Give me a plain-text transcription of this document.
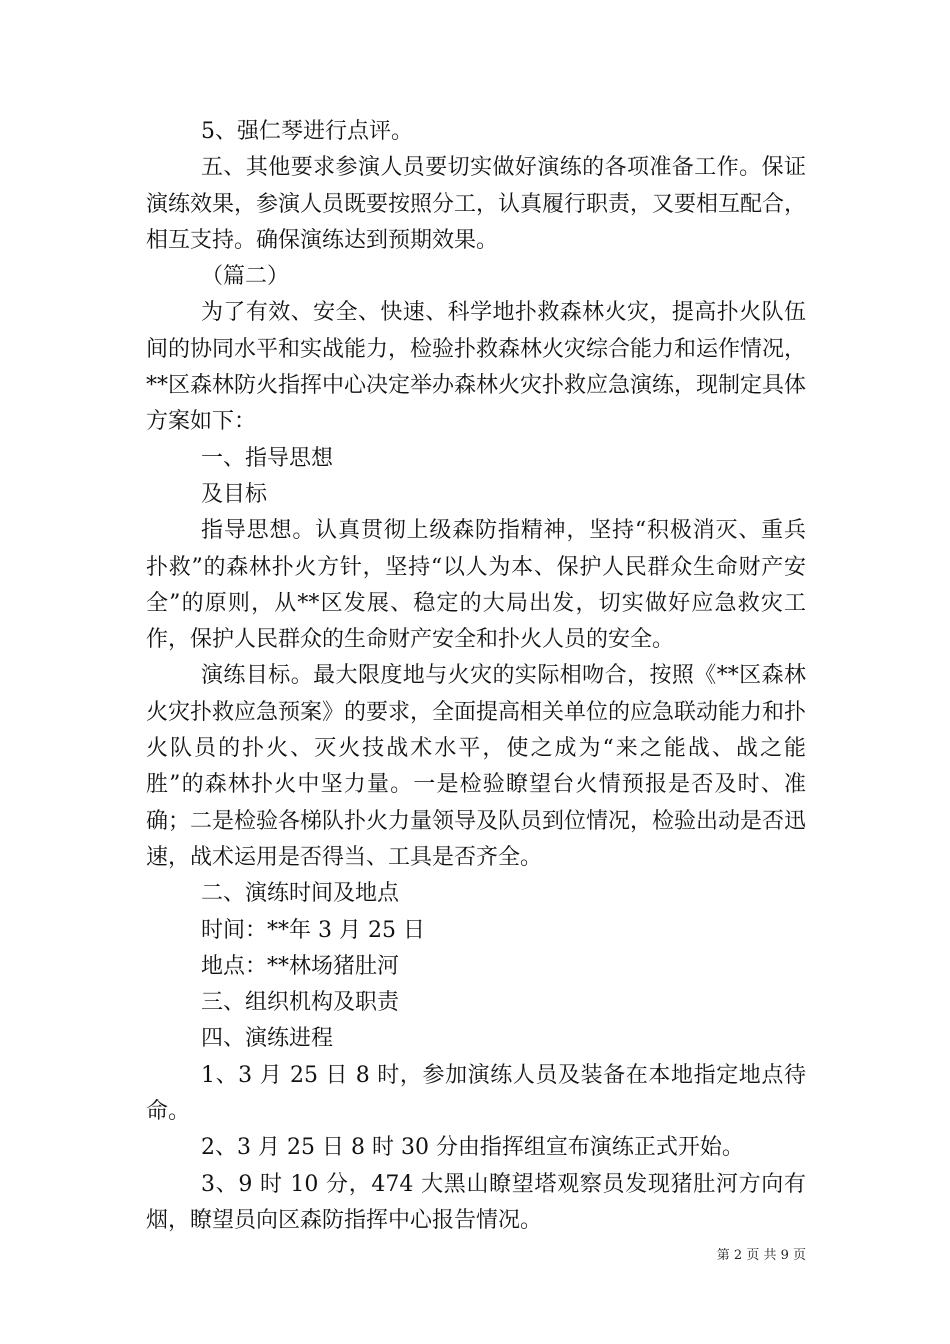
5、强仁琴进行点评。

五、其他要求参演人员要切实做好演练的各项准备工作。保证演练效果，参演人员既要按照分工，认真履行职责，又要相互配合，相互支持。确保演练达到预期效果。

（篇二）

为了有效、安全、快速、科学地扑救森林火灾，提高扑火队伍间的协同水平和实战能力，检验扑救森林火灾综合能力和运作情况，**区森林防火指挥中心决定举办森林火灾扑救应急演练，现制定具体方案如下：

一、指导思想

及目标

指导思想。认真贯彻上级森防指精神，坚持“积极消灭、重兵扑救”的森林扑火方针，坚持“以人为本、保护人民群众生命财产安全”的原则，从**区发展、稳定的大局出发，切实做好应急救灾工作，保护人民群众的生命财产安全和扑火人员的安全。

演练目标。最大限度地与火灾的实际相吻合，按照《**区森林火灾扑救应急预案》的要求，全面提高相关单位的应急联动能力和扑火队员的扑火、灭火技战术水平，使之成为“来之能战、战之能胜”的森林扑火中坚力量。一是检验瞭望台火情预报是否及时、准确；二是检验各梯队扑火力量领导及队员到位情况，检验出动是否迅速，战术运用是否得当、工具是否齐全。

二、演练时间及地点

时间：**年 3 月 25 日

地点：**林场猪肚河

三、组织机构及职责

四、演练进程

1、3 月 25 日 8 时，参加演练人员及装备在本地指定地点待命。

2、3 月 25 日 8 时 30 分由指挥组宣布演练正式开始。

3、9 时 10 分，474 大黑山瞭望塔观察员发现猪肚河方向有烟，瞭望员向区森防指挥中心报告情况。

第 2 页 共 9 页
